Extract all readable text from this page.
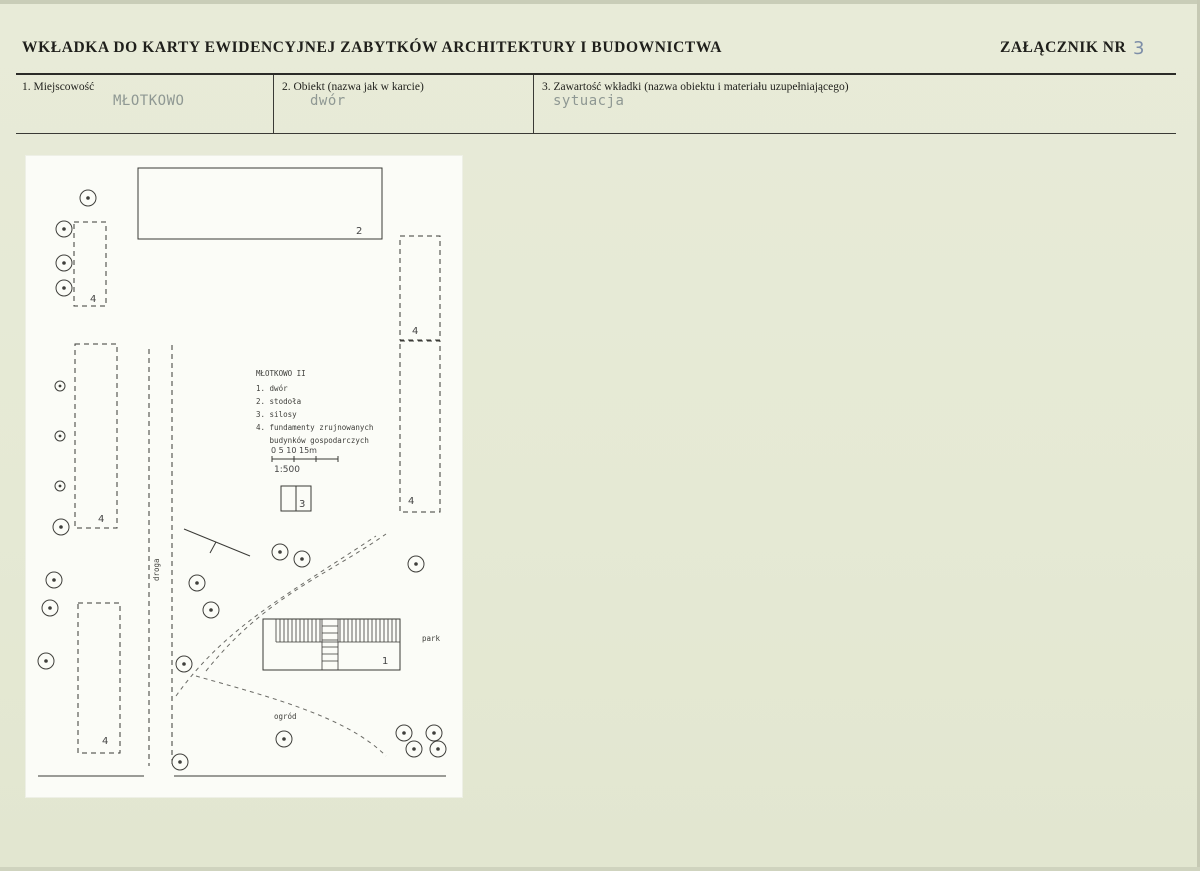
WKŁADKA DO KARTY EWIDENCYJNEJ ZABYTKÓW ARCHITEKTURY I BUDOWNICTWA	ZAŁĄCZNIK NR 3
1. Miejscowość
MŁOTKOWO
2. Obiekt (nazwa jak w karcie)
dwór
3. Zawartość wkładki (nazwa obiektu i materiału uzupełniającego)
sytuacja
MŁOTKOWO II
1. dwór
2. stodoła
3. silosy
4. fundamenty zrujnowanych
budynków gospodarczych
0 5 10 15m
1:500
2
3
1
4
4
4
4
4
droga
park
ogród
